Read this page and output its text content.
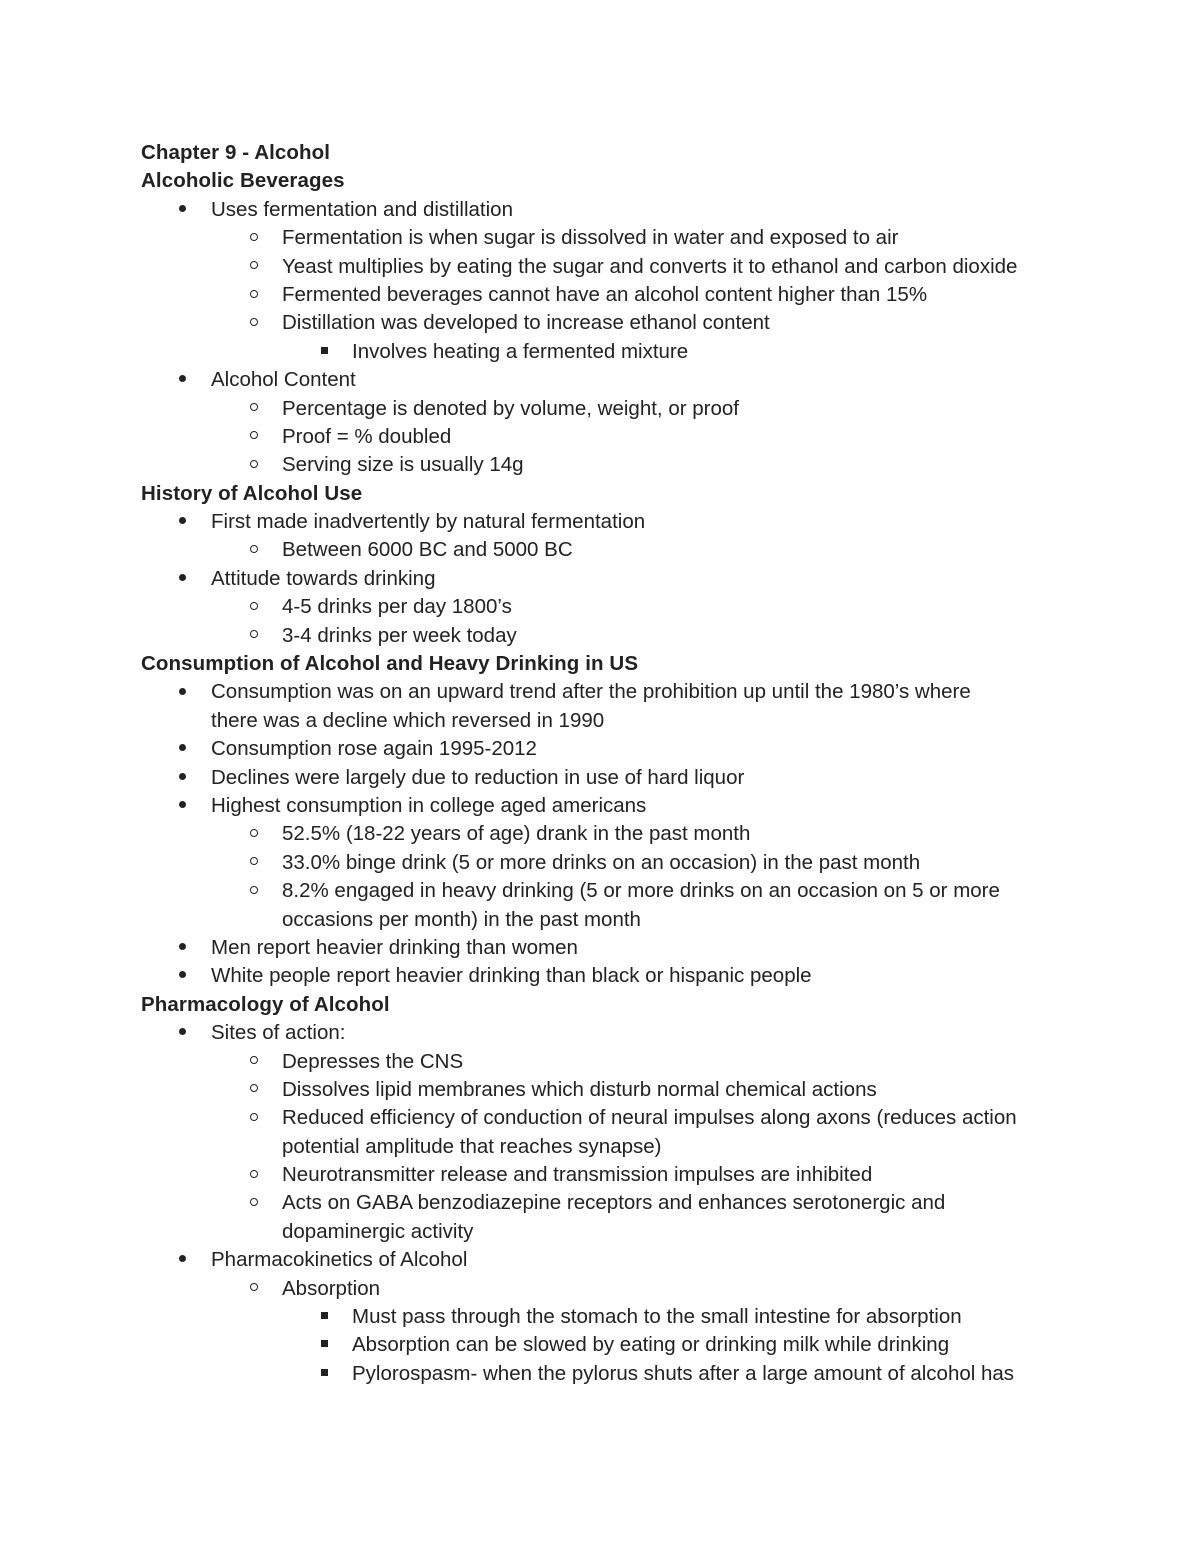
Chapter 9 - Alcohol
Alcoholic Beverages
Uses fermentation and distillation
Fermentation is when sugar is dissolved in water and exposed to air
Yeast multiplies by eating the sugar and converts it to ethanol and carbon dioxide
Fermented beverages cannot have an alcohol content higher than 15%
Distillation was developed to increase ethanol content
Involves heating a fermented mixture
Alcohol Content
Percentage is denoted by volume, weight, or proof
Proof = % doubled
Serving size is usually 14g
History of Alcohol Use
First made inadvertently by natural fermentation
Between 6000 BC and 5000 BC
Attitude towards drinking
4-5 drinks per day 1800’s
3-4 drinks per week today
Consumption of Alcohol and Heavy Drinking in US
Consumption was on an upward trend after the prohibition up until the 1980’s where
there was a decline which reversed in 1990
Consumption rose again 1995-2012
Declines were largely due to reduction in use of hard liquor
Highest consumption in college aged americans
52.5% (18-22 years of age) drank in the past month
33.0% binge drink (5 or more drinks on an occasion) in the past month
8.2% engaged in heavy drinking (5 or more drinks on an occasion on 5 or more
occasions per month) in the past month
Men report heavier drinking than women
White people report heavier drinking than black or hispanic people
Pharmacology of Alcohol
Sites of action:
Depresses the CNS
Dissolves lipid membranes which disturb normal chemical actions
Reduced efficiency of conduction of neural impulses along axons (reduces action
potential amplitude that reaches synapse)
Neurotransmitter release and transmission impulses are inhibited
Acts on GABA benzodiazepine receptors and enhances serotonergic and
dopaminergic activity
Pharmacokinetics of Alcohol
Absorption
Must pass through the stomach to the small intestine for absorption
Absorption can be slowed by eating or drinking milk while drinking
Pylorospasm- when the pylorus shuts after a large amount of alcohol has
